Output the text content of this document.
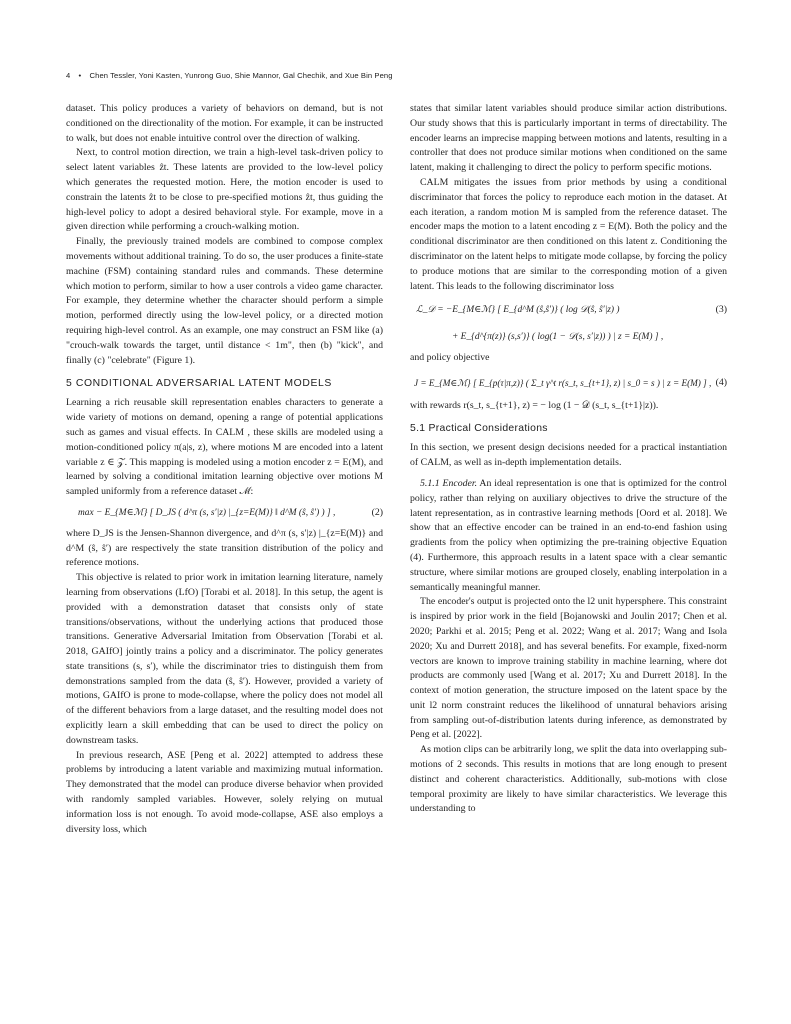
4 • Chen Tessler, Yoni Kasten, Yunrong Guo, Shie Mannor, Gal Chechik, and Xue Bin Peng

dataset. This policy produces a variety of behaviors on demand, but is not conditioned on the directionality of the motion. For example, it can be instructed to walk, but does not enable intuitive control over the direction of walking.

Next, to control motion direction, we train a high-level task-driven policy to select latent variables ẑt. These latents are provided to the low-level policy which generates the requested motion. Here, the motion encoder is used to constrain the latents ẑt to be close to pre-specified motions ẑt, thus guiding the high-level policy to adopt a desired behavioral style. For example, move in a given direction while performing a crouch-walking motion.

Finally, the previously trained models are combined to compose complex movements without additional training. To do so, the user produces a finite-state machine (FSM) containing standard rules and commands. These determine which motion to perform, similar to how a user controls a video game character. For example, they determine whether the character should perform a simple motion, performed directly using the low-level policy, or a directed motion requiring high-level control. As an example, one may construct an FSM like (a) "crouch-walk towards the target, until distance < 1m", then (b) "kick", and finally (c) "celebrate" (Figure 1).

5 CONDITIONAL ADVERSARIAL LATENT MODELS

Learning a rich reusable skill representation enables characters to generate a wide variety of motions on demand, opening a range of potential applications such as games and visual effects. In CALM , these skills are modeled using a motion-conditioned policy π(a|s, z), where motions M are encoded into a latent variable z ∈ 𝒵. This mapping is modeled using a motion encoder z = E(M), and learned by solving a conditional imitation learning objective over motions M sampled uniformly from a reference dataset ℳ:

max − E_{M∈ℳ} [ D_JS ( d^π (s, s′|z) |_{z=E(M)} ‖ d^M (ŝ, ŝ′) ) ] ,	(2)

where D_JS is the Jensen-Shannon divergence, and d^π (s, s′|z) |_{z=E(M)} and d^M (ŝ, ŝ′) are respectively the state transition distribution of the policy and reference motions.

This objective is related to prior work in imitation learning literature, namely learning from observations (LfO) [Torabi et al. 2018]. In this setup, the agent is provided with a demonstration dataset that consists only of state transitions/observations, without the underlying actions that produced those transitions. Generative Adversarial Imitation from Observation [Torabi et al. 2018, GAIfO] jointly trains a policy and a discriminator. The policy generates state transitions (s, s′), while the discriminator tries to distinguish them from demonstrations sampled from the data (ŝ, ŝ′). However, provided a variety of motions, GAIfO is prone to mode-collapse, where the policy does not model all of the different behaviors from a large dataset, and the resulting model does not explicitly learn a skill embedding that can be used to direct the policy on downstream tasks.

In previous research, ASE [Peng et al. 2022] attempted to address these problems by introducing a latent variable and maximizing mutual information. They demonstrated that the model can produce diverse behavior when provided with randomly sampled variables. However, solely relying on mutual information loss is not enough. To avoid mode-collapse, ASE also employs a diversity loss, which

states that similar latent variables should produce similar action distributions. Our study shows that this is particularly important in terms of directability. The encoder learns an imprecise mapping between motions and latents, resulting in a controller that does not produce similar motions when conditioned on the same latent, making it challenging to direct the policy to perform specific motions.

CALM mitigates the issues from prior methods by using a conditional discriminator that forces the policy to reproduce each motion in the dataset. At each iteration, a random motion M is sampled from the reference dataset. The encoder maps the motion to a latent encoding z = E(M). Both the policy and the conditional discriminator are then conditioned on this latent z. Conditioning the discriminator on the latent helps to mitigate mode collapse, by forcing the policy to produce motions that are similar to the corresponding motion of a given latent. This leads to the following discriminator loss

ℒ_𝒟 = −E_{M∈ℳ} [ E_{d^M (ŝ,ŝ′)} ( log 𝒟(ŝ, ŝ′|z) )	(3)
+ E_{d^{π(z)} (s,s′)} ( log(1 − 𝒟(s, s′|z)) ) | z = E(M) ] ,

and policy objective

J = E_{M∈ℳ} [ E_{p(τ|π,z)} ( Σ_t γ^t r(s_t, s_{t+1}, z) | s_0 = s ) | z = E(M) ] , (4)

with rewards r(s_t, s_{t+1}, z) = − log (1 − 𝒟 (s_t, s_{t+1}|z)).

5.1 Practical Considerations

In this section, we present design decisions needed for a practical instantiation of CALM, as well as in-depth implementation details.

5.1.1 Encoder. An ideal representation is one that is optimized for the control policy, rather than relying on auxiliary objectives to drive the structure of the latent representation, as in contrastive learning methods [Oord et al. 2018]. We show that an effective encoder can be trained in an end-to-end fashion using gradients from the policy when optimizing the pre-training objective Equation (4). Furthermore, this approach results in a latent space with a clear semantic structure, where similar motions are grouped closely, enabling interpolation in a semantically meaningful manner.

The encoder's output is projected onto the l2 unit hypersphere. This constraint is inspired by prior work in the field [Bojanowski and Joulin 2017; Chen et al. 2020; Parkhi et al. 2015; Peng et al. 2022; Wang et al. 2017; Wang and Isola 2020; Xu and Durrett 2018], and has several benefits. For example, fixed-norm vectors are known to improve training stability in machine learning, where dot products are commonly used [Wang et al. 2017; Xu and Durrett 2018]. In the context of motion generation, the structure imposed on the latent space by the unit l2 norm constraint reduces the likelihood of unnatural behaviors arising from sampling out-of-distribution latents during inference, as demonstrated by Peng et al. [2022].

As motion clips can be arbitrarily long, we split the data into overlapping sub-motions of 2 seconds. This results in motions that are long enough to present distinct and coherent characteristics. Additionally, sub-motions with close temporal proximity are likely to have similar characteristics. We leverage this understanding to
